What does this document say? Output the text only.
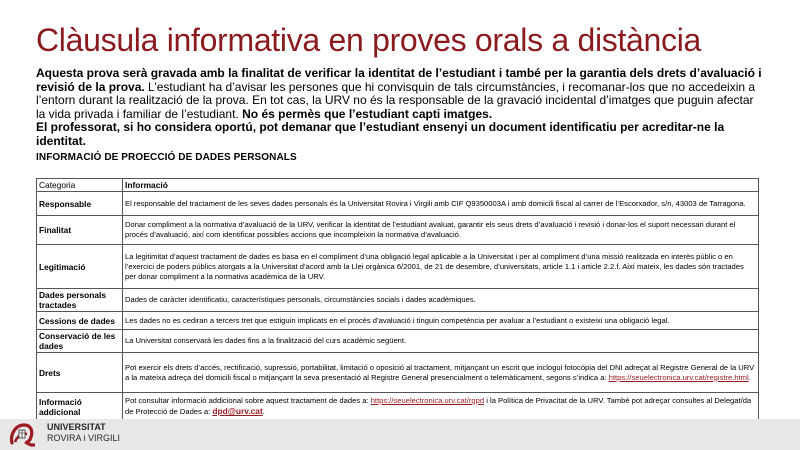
Clàusula informativa en proves orals a distància
Aquesta prova serà gravada amb la finalitat de verificar la identitat de l’estudiant i també per la garantia dels drets d’avaluació i revisió de la prova. L’estudiant ha d’avisar les persones que hi convisquin de tals circumstàncies, i recomanar-los que no accedeixin a l’entorn durant la realització de la prova. En tot cas, la URV no és la responsable de la gravació incidental d’imatges que puguin afectar la vida privada i familiar de l’estudiant. No és permès que l’estudiant capti imatges.
El professorat, si ho considera oportú, pot demanar que l’estudiant ensenyi un document identificatiu per acreditar-ne la identitat.
INFORMACIÓ DE PROECCIÓ DE DADES PERSONALS
Categoria	Informació
Responsable	El responsable del tractament de les seves dades personals és la Universitat Rovira i Virgili amb CIF Q9350003A i amb domicili fiscal al carrer de l’Escorxador, s/n, 43003 de Tarragona.
Finalitat	Donar compliment a la normativa d’avaluació de la URV, verificar la identitat de l’estudiant avaluat, garantir els seus drets d’avaluació i revisió i donar-los el suport necessari durant el procés d’avaluació, així com identificar possibles accions que incompleixin la normativa d’avaluació.
Legitimació	La legitimitat d’aquest tractament de dades es basa en el compliment d’una obligació legal aplicable a la Universitat i per al compliment d’una missió realitzada en interès públic o en l’exercici de poders públics atorgats a la Universitat d’acord amb la Llei orgànica 6/2001, de 21 de desembre, d’universitats, article 1.1 i article 2.2.f. Així mateix, les dades són tractades per donar compliment a la normativa acadèmica de la URV.
Dades personals tractades	Dades de caràcter identificatiu, característiques personals, circumstàncies socials i dades acadèmiques.
Cessions de dades	Les dades no es cediran a tercers tret que estiguin implicats en el procés d’avaluació i tinguin competència per avaluar a l’estudiant o existeixi una obligació legal.
Conservació de les dades	La Universitat conservarà les dades fins a la finalització del curs acadèmic següent.
Drets	Pot exercir els drets d’accés, rectificació, supressió, portabilitat, limitació o oposició al tractament, mitjançant un escrit que inclogui fotocòpia del DNI adreçat al Registre General de la URV a la mateixa adreça del domicili fiscal o mitjançant la seva presentació al Registre General presencialment o telemàticament, segons s’indica a: https://seuelectronica.urv.cat/registre.html.
Informació addicional	Pot consultar informació addicional sobre aquest tractament de dades a: https://seuelectronica.urv.cat/rgpd i la Política de Privacitat de la URV. També pot adreçar consultes al Delegat/da de Protecció de Dades a: dpd@urv.cat.
UNIVERSITAT
ROVIRA i VIRGILI
